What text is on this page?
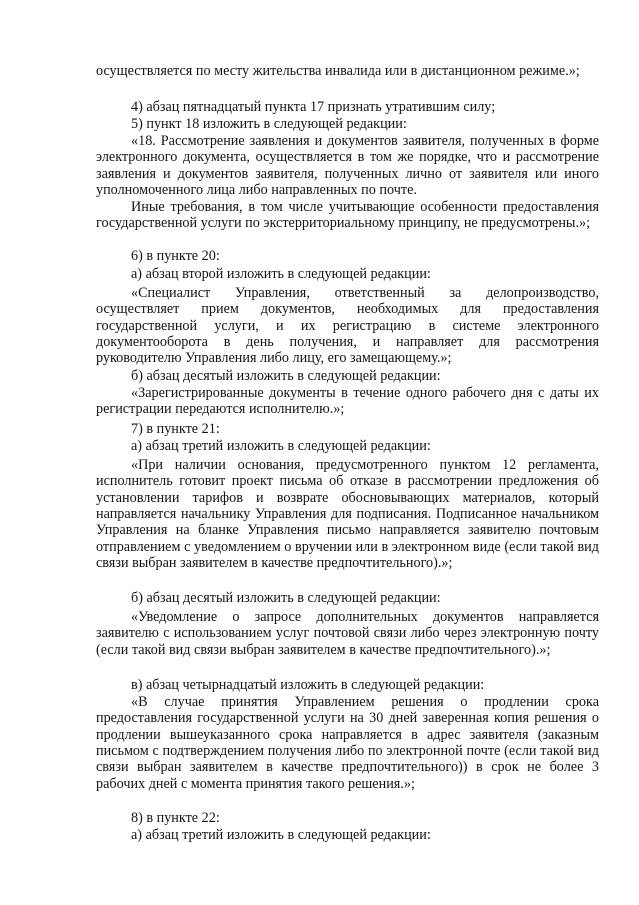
осуществляется по месту жительства инвалида или в дистанционном режиме.»;

4) абзац пятнадцатый пункта 17 признать утратившим силу;

5) пункт 18 изложить в следующей редакции:

«18. Рассмотрение заявления и документов заявителя, полученных в форме электронного документа, осуществляется в том же порядке, что и рассмотрение заявления и документов заявителя, полученных лично от заявителя или иного уполномоченного лица либо направленных по почте.

Иные требования, в том числе учитывающие особенности предоставления государственной услуги по экстерриториальному принципу, не предусмотрены.»;

6) в пункте 20:

а) абзац второй изложить в следующей редакции:

«Специалист Управления, ответственный за делопроизводство, осуществляет прием документов, необходимых для предоставления государственной услуги, и их регистрацию в системе электронного документооборота в день получения, и направляет для рассмотрения руководителю Управления либо лицу, его замещающему.»;

б) абзац десятый изложить в следующей редакции:

«Зарегистрированные документы в течение одного рабочего дня с даты их регистрации передаются исполнителю.»;

7) в пункте 21:

а) абзац третий изложить в следующей редакции:

«При наличии основания, предусмотренного пунктом 12 регламента, исполнитель готовит проект письма об отказе в рассмотрении предложения об установлении тарифов и возврате обосновывающих материалов, который направляется начальнику Управления для подписания. Подписанное начальником Управления на бланке Управления письмо направляется заявителю почтовым отправлением с уведомлением о вручении или в электронном виде (если такой вид связи выбран заявителем в качестве предпочтительного).»;

б) абзац десятый изложить в следующей редакции:

«Уведомление о запросе дополнительных документов направляется заявителю с использованием услуг почтовой связи либо через электронную почту (если такой вид связи выбран заявителем в качестве предпочтительного).»;

в) абзац четырнадцатый изложить в следующей редакции:

«В случае принятия Управлением решения о продлении срока предоставления государственной услуги на 30 дней заверенная копия решения о продлении вышеуказанного срока направляется в адрес заявителя (заказным письмом с подтверждением получения либо по электронной почте (если такой вид связи выбран заявителем в качестве предпочтительного)) в срок не более 3 рабочих дней с момента принятия такого решения.»;

8) в пункте 22:

а) абзац третий изложить в следующей редакции:
